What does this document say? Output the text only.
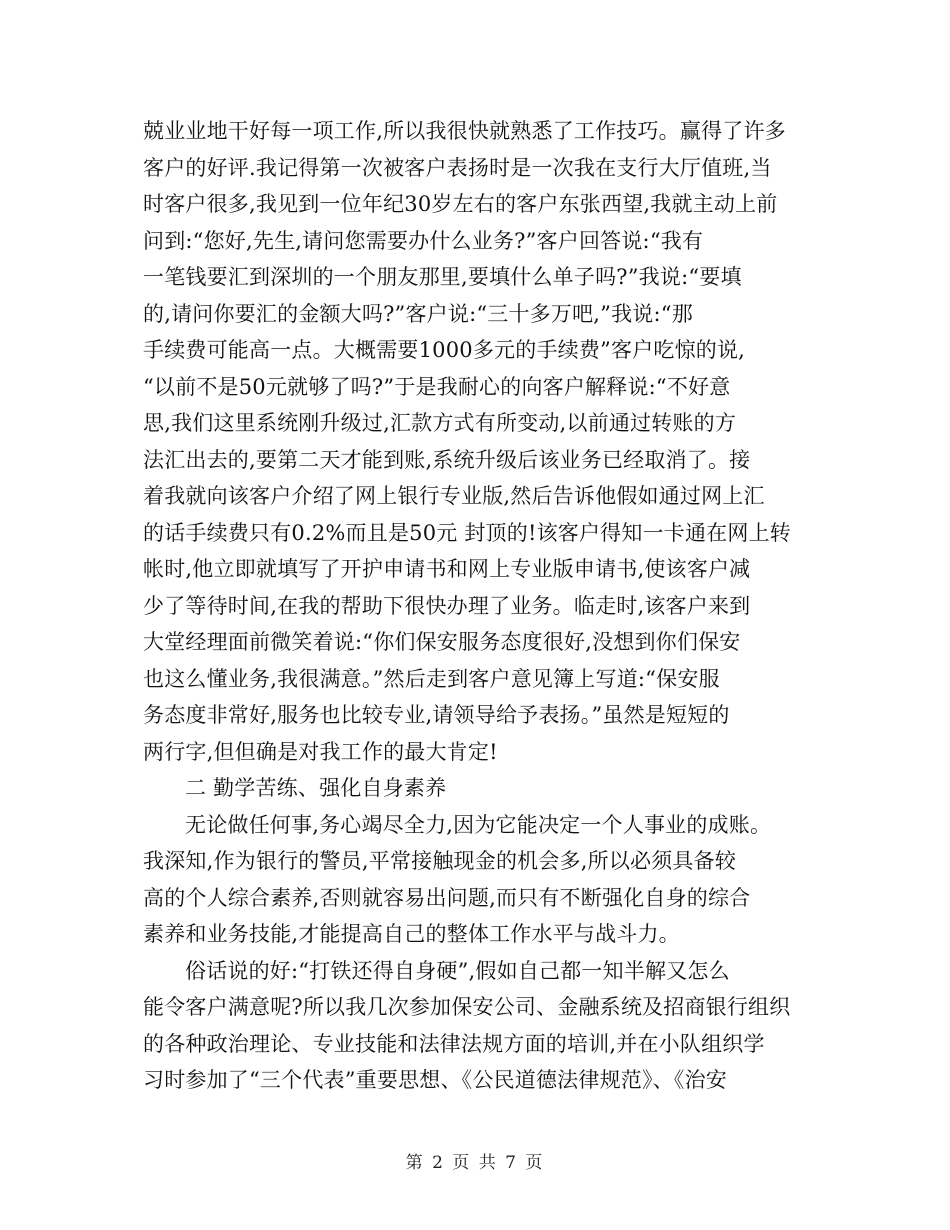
兢业业地干好每一项工作,所以我很快就熟悉了工作技巧。赢得了许多
客户的好评.我记得第一次被客户表扬时是一次我在支行大厅值班,当
时客户很多,我见到一位年纪30岁左右的客户东张西望,我就主动上前
问到:“您好,先生,请问您需要办什么业务?”客户回答说:“我有
一笔钱要汇到深圳的一个朋友那里,要填什么单子吗?”我说:“要填
的,请问你要汇的金额大吗?”客户说:“三十多万吧,”我说:“那
手续费可能高一点。大概需要1000多元的手续费”客户吃惊的说,
“以前不是50元就够了吗?”于是我耐心的向客户解释说:“不好意
思,我们这里系统刚升级过,汇款方式有所变动,以前通过转账的方
法汇出去的,要第二天才能到账,系统升级后该业务已经取消了。接
着我就向该客户介绍了网上银行专业版,然后告诉他假如通过网上汇
的话手续费只有0.2%而且是50元 封顶的!该客户得知一卡通在网上转
帐时,他立即就填写了开护申请书和网上专业版申请书,使该客户减
少了等待时间,在我的帮助下很快办理了业务。临走时,该客户来到
大堂经理面前微笑着说:“你们保安服务态度很好,没想到你们保安
也这么懂业务,我很满意。”然后走到客户意见簿上写道:“保安服
务态度非常好,服务也比较专业,请领导给予表扬。”虽然是短短的
两行字,但但确是对我工作的最大肯定!
二 勤学苦练、强化自身素养
无论做任何事,务心竭尽全力,因为它能决定一个人事业的成账。
我深知,作为银行的警员,平常接触现金的机会多,所以必须具备较
高的个人综合素养,否则就容易出问题,而只有不断强化自身的综合
素养和业务技能,才能提高自己的整体工作水平与战斗力。
俗话说的好:“打铁还得自身硬”,假如自己都一知半解又怎么
能令客户满意呢?所以我几次参加保安公司、金融系统及招商银行组织
的各种政治理论、专业技能和法律法规方面的培训,并在小队组织学
习时参加了“三个代表”重要思想、《公民道德法律规范》、《治安
第 2 页 共 7 页
